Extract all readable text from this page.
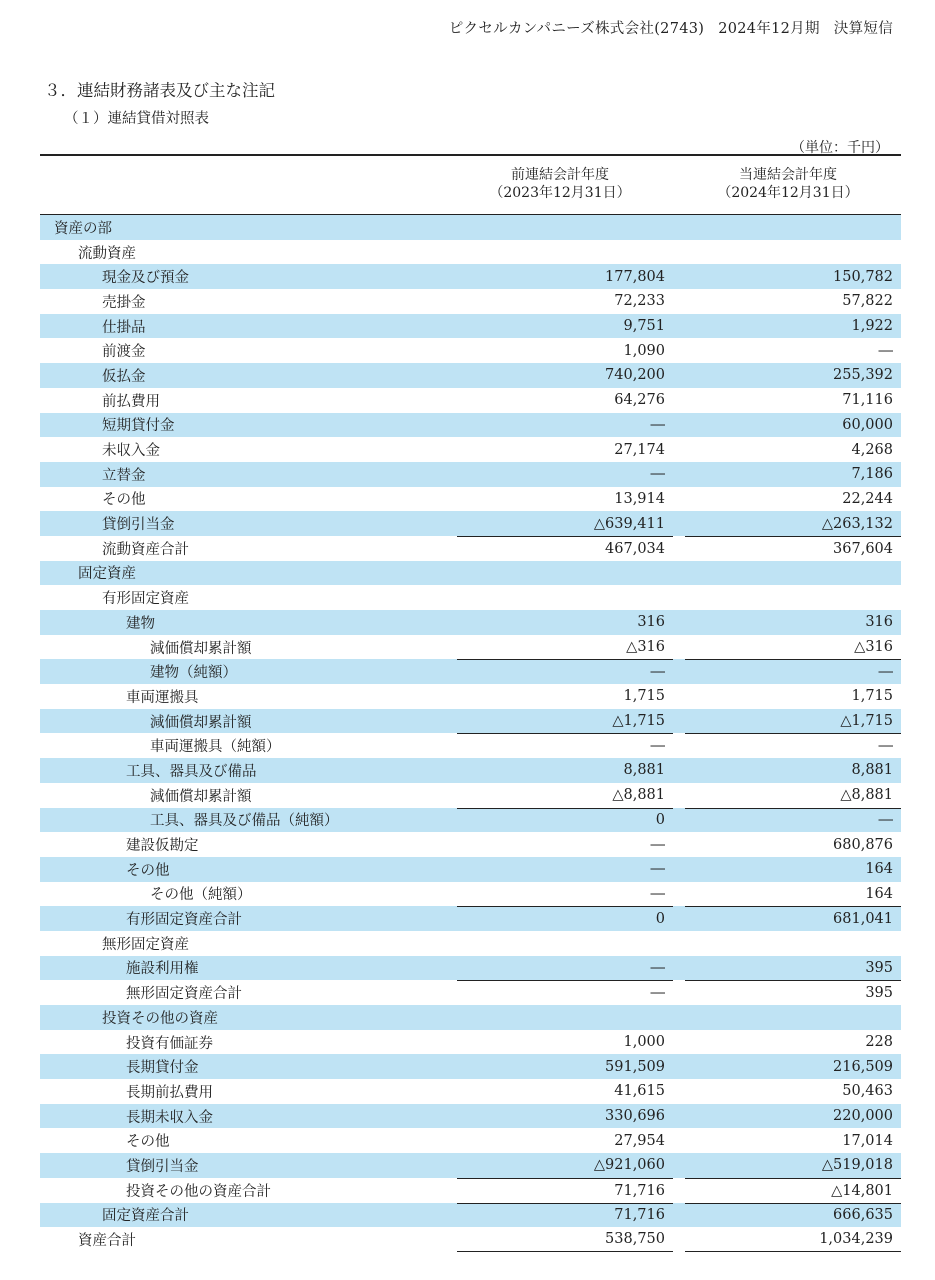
ピクセルカンパニーズ株式会社(2743) 2024年12月期 決算短信
３．連結財務諸表及び主な注記
（１）連結貸借対照表
（単位：千円）
前連結会計年度
（2023年12月31日）
当連結会計年度
（2024年12月31日）
資産の部
流動資産
現金及び預金	177,804	150,782
売掛金	72,233	57,822
仕掛品	9,751	1,922
前渡金	1,090	―
仮払金	740,200	255,392
前払費用	64,276	71,116
短期貸付金	―	60,000
未収入金	27,174	4,268
立替金	―	7,186
その他	13,914	22,244
貸倒引当金	△639,411	△263,132
流動資産合計	467,034	367,604
固定資産
有形固定資産
建物	316	316
減価償却累計額	△316	△316
建物（純額）	―	―
車両運搬具	1,715	1,715
減価償却累計額	△1,715	△1,715
車両運搬具（純額）	―	―
工具、器具及び備品	8,881	8,881
減価償却累計額	△8,881	△8,881
工具、器具及び備品（純額）	0	―
建設仮勘定	―	680,876
その他	―	164
その他（純額）	―	164
有形固定資産合計	0	681,041
無形固定資産
施設利用権	―	395
無形固定資産合計	―	395
投資その他の資産
投資有価証券	1,000	228
長期貸付金	591,509	216,509
長期前払費用	41,615	50,463
長期未収入金	330,696	220,000
その他	27,954	17,014
貸倒引当金	△921,060	△519,018
投資その他の資産合計	71,716	△14,801
固定資産合計	71,716	666,635
資産合計	538,750	1,034,239
